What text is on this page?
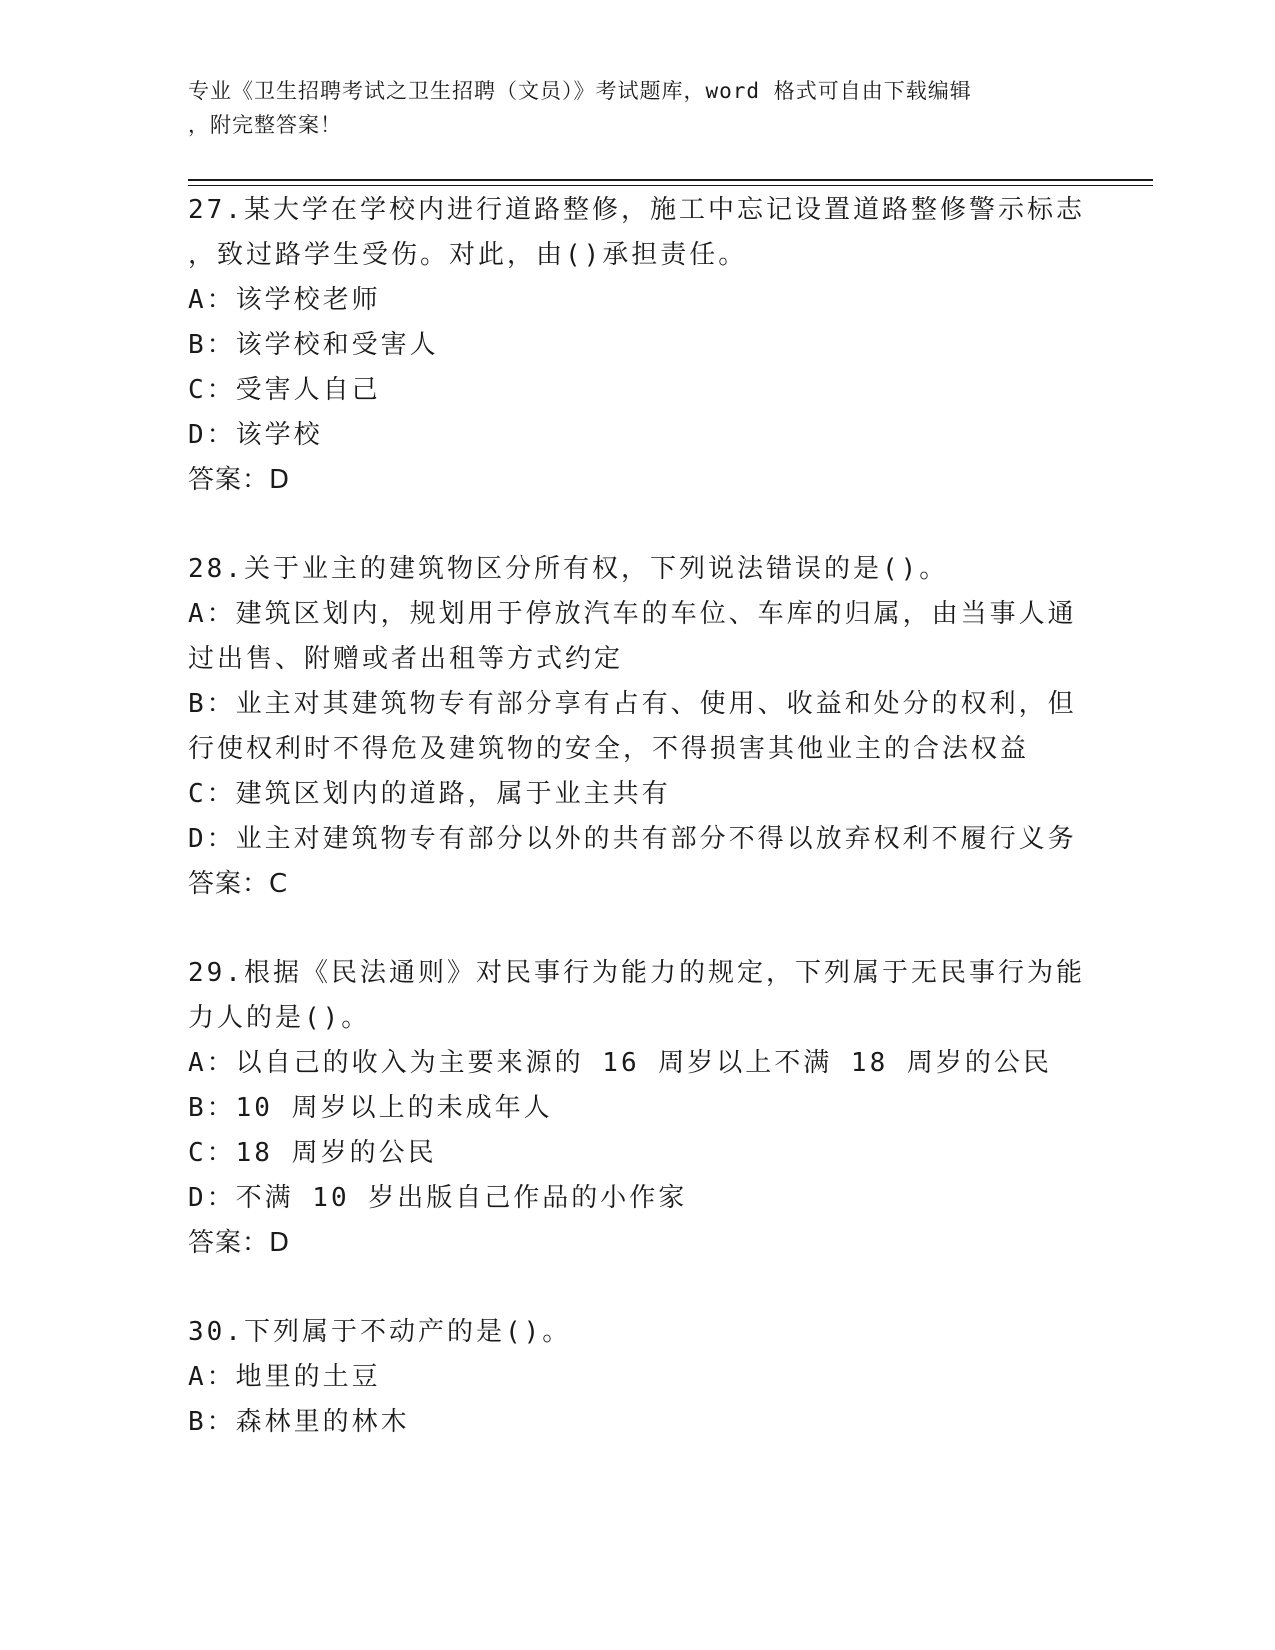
专业《卫生招聘考试之卫生招聘（文员）》考试题库，word 格式可自由下载编辑
，附完整答案！
27.某大学在学校内进行道路整修，施工中忘记设置道路整修警示标志
，致过路学生受伤。对此，由()承担责任。
A：该学校老师
B：该学校和受害人
C：受害人自己
D：该学校
答案：D
28.关于业主的建筑物区分所有权，下列说法错误的是()。
A：建筑区划内，规划用于停放汽车的车位、车库的归属，由当事人通
过出售、附赠或者出租等方式约定
B：业主对其建筑物专有部分享有占有、使用、收益和处分的权利，但
行使权利时不得危及建筑物的安全，不得损害其他业主的合法权益
C：建筑区划内的道路，属于业主共有
D：业主对建筑物专有部分以外的共有部分不得以放弃权利不履行义务
答案：C
29.根据《民法通则》对民事行为能力的规定，下列属于无民事行为能
力人的是()。
A：以自己的收入为主要来源的 16 周岁以上不满 18 周岁的公民
B：10 周岁以上的未成年人
C：18 周岁的公民
D：不满 10 岁出版自己作品的小作家
答案：D
30.下列属于不动产的是()。
A：地里的土豆
B：森林里的林木
